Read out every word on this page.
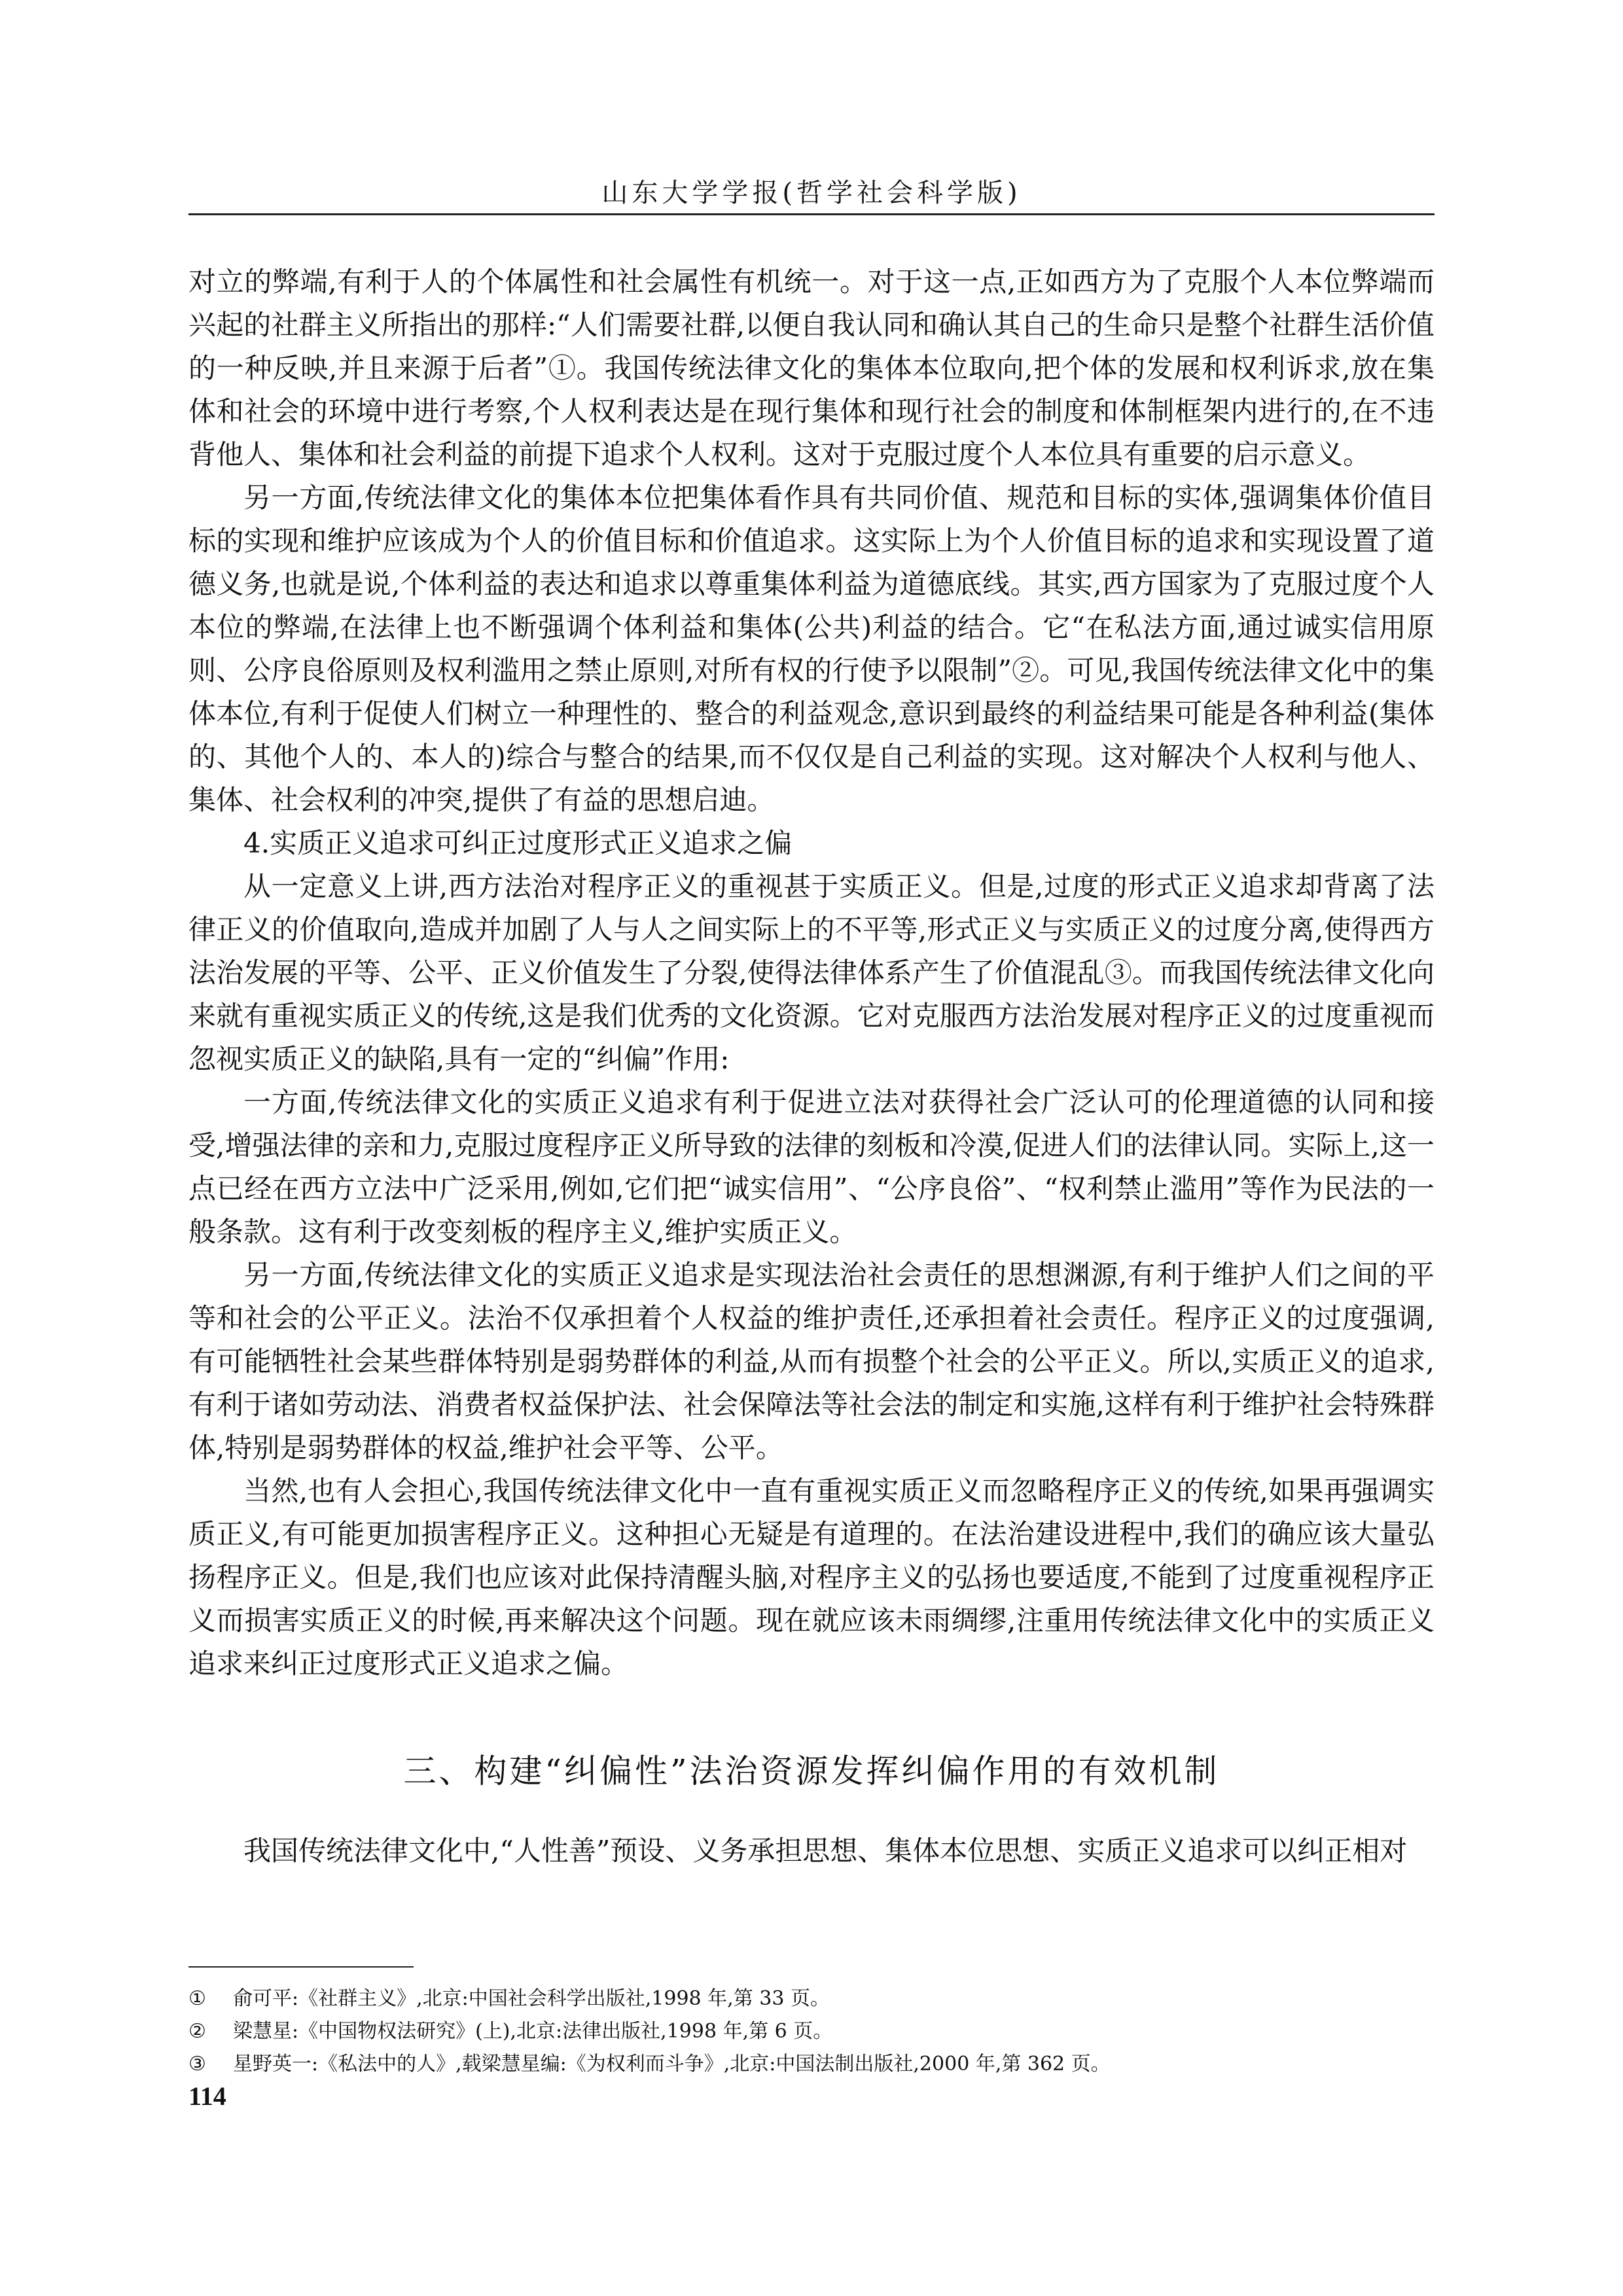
山东大学学报(哲学社会科学版)

对立的弊端,有利于人的个体属性和社会属性有机统一。对于这一点,正如西方为了克服个人本位弊端而兴起的社群主义所指出的那样:“人们需要社群,以便自我认同和确认其自己的生命只是整个社群生活价值的一种反映,并且来源于后者”①。我国传统法律文化的集体本位取向,把个体的发展和权利诉求,放在集体和社会的环境中进行考察,个人权利表达是在现行集体和现行社会的制度和体制框架内进行的,在不违背他人、集体和社会利益的前提下追求个人权利。这对于克服过度个人本位具有重要的启示意义。

另一方面,传统法律文化的集体本位把集体看作具有共同价值、规范和目标的实体,强调集体价值目标的实现和维护应该成为个人的价值目标和价值追求。这实际上为个人价值目标的追求和实现设置了道德义务,也就是说,个体利益的表达和追求以尊重集体利益为道德底线。其实,西方国家为了克服过度个人本位的弊端,在法律上也不断强调个体利益和集体(公共)利益的结合。它“在私法方面,通过诚实信用原则、公序良俗原则及权利滥用之禁止原则,对所有权的行使予以限制”②。可见,我国传统法律文化中的集体本位,有利于促使人们树立一种理性的、整合的利益观念,意识到最终的利益结果可能是各种利益(集体的、其他个人的、本人的)综合与整合的结果,而不仅仅是自己利益的实现。这对解决个人权利与他人、集体、社会权利的冲突,提供了有益的思想启迪。

4.实质正义追求可纠正过度形式正义追求之偏

从一定意义上讲,西方法治对程序正义的重视甚于实质正义。但是,过度的形式正义追求却背离了法律正义的价值取向,造成并加剧了人与人之间实际上的不平等,形式正义与实质正义的过度分离,使得西方法治发展的平等、公平、正义价值发生了分裂,使得法律体系产生了价值混乱③。而我国传统法律文化向来就有重视实质正义的传统,这是我们优秀的文化资源。它对克服西方法治发展对程序正义的过度重视而忽视实质正义的缺陷,具有一定的“纠偏”作用:

一方面,传统法律文化的实质正义追求有利于促进立法对获得社会广泛认可的伦理道德的认同和接受,增强法律的亲和力,克服过度程序正义所导致的法律的刻板和冷漠,促进人们的法律认同。实际上,这一点已经在西方立法中广泛采用,例如,它们把“诚实信用”、“公序良俗”、“权利禁止滥用”等作为民法的一般条款。这有利于改变刻板的程序主义,维护实质正义。

另一方面,传统法律文化的实质正义追求是实现法治社会责任的思想渊源,有利于维护人们之间的平等和社会的公平正义。法治不仅承担着个人权益的维护责任,还承担着社会责任。程序正义的过度强调,有可能牺牲社会某些群体特别是弱势群体的利益,从而有损整个社会的公平正义。所以,实质正义的追求,有利于诸如劳动法、消费者权益保护法、社会保障法等社会法的制定和实施,这样有利于维护社会特殊群体,特别是弱势群体的权益,维护社会平等、公平。

当然,也有人会担心,我国传统法律文化中一直有重视实质正义而忽略程序正义的传统,如果再强调实质正义,有可能更加损害程序正义。这种担心无疑是有道理的。在法治建设进程中,我们的确应该大量弘扬程序正义。但是,我们也应该对此保持清醒头脑,对程序主义的弘扬也要适度,不能到了过度重视程序正义而损害实质正义的时候,再来解决这个问题。现在就应该未雨绸缪,注重用传统法律文化中的实质正义追求来纠正过度形式正义追求之偏。

三、构建“纠偏性”法治资源发挥纠偏作用的有效机制

我国传统法律文化中,“人性善”预设、义务承担思想、集体本位思想、实质正义追求可以纠正相对

①	俞可平:《社群主义》,北京:中国社会科学出版社,1998 年,第 33 页。
②	梁慧星:《中国物权法研究》(上),北京:法律出版社,1998 年,第 6 页。
③	星野英一:《私法中的人》,载梁慧星编:《为权利而斗争》,北京:中国法制出版社,2000 年,第 362 页。
114
